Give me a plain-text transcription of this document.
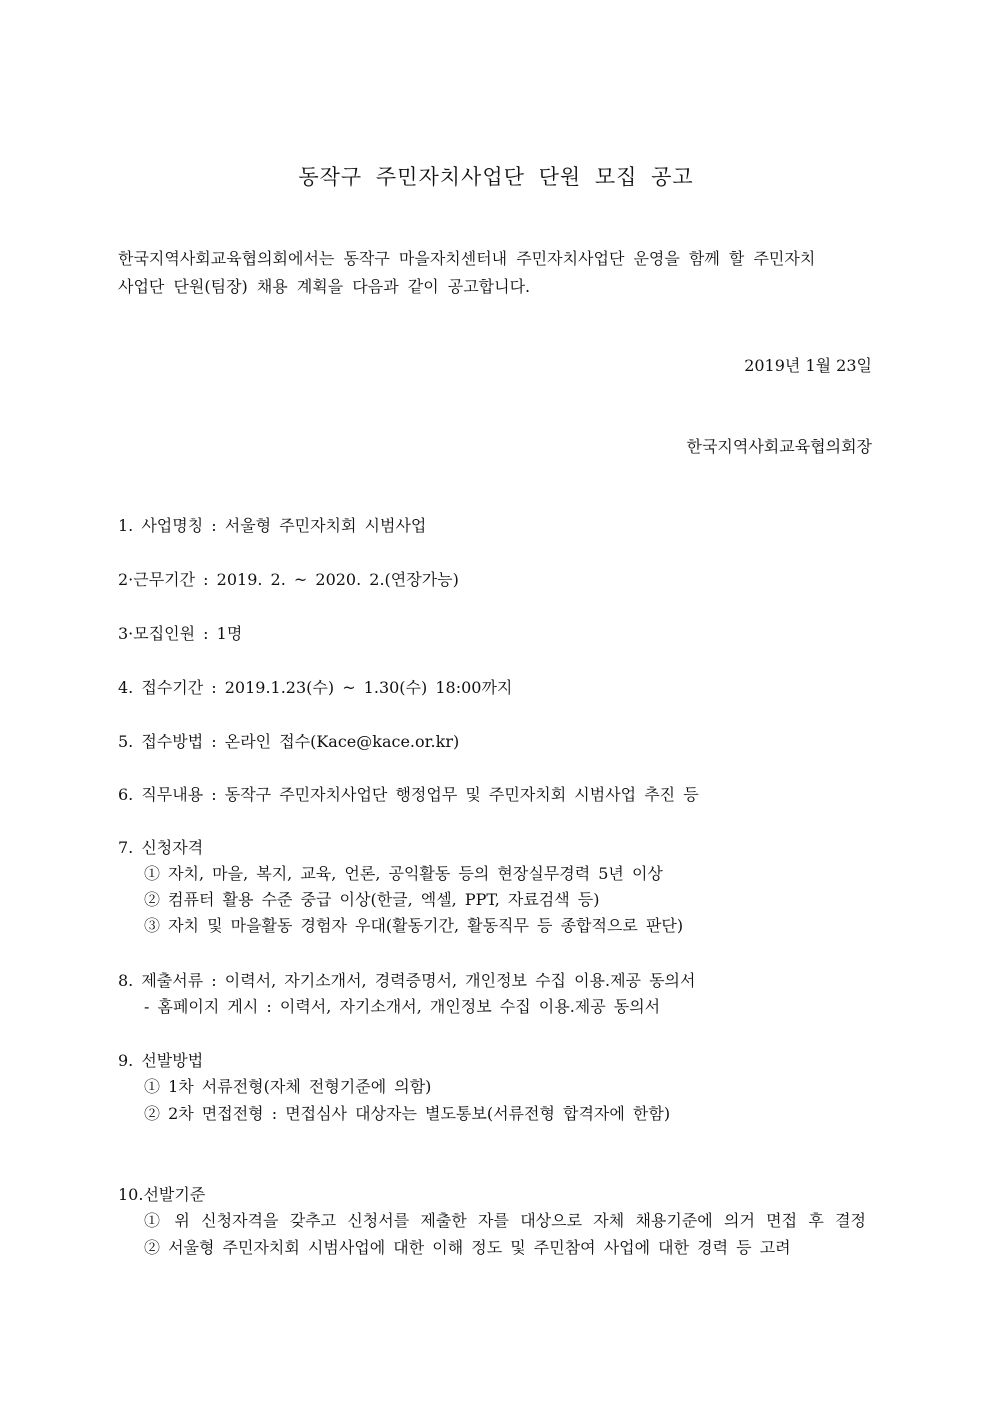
동작구 주민자치사업단 단원 모집 공고

한국지역사회교육협의회에서는 동작구 마을자치센터내 주민자치사업단 운영을 함께 할 주민자치
사업단 단원(팀장) 채용 계획을 다음과 같이 공고합니다.

2019년 1월 23일
한국지역사회교육협의회장
1. 사업명칭 : 서울형 주민자치회 시범사업
2·근무기간 : 2019. 2. ~ 2020. 2.(연장가능)
3·모집인원 : 1명
4. 접수기간 : 2019.1.23(수) ~ 1.30(수) 18:00까지
5. 접수방법 : 온라인 접수(Kace@kace.or.kr)
6. 직무내용 : 동작구 주민자치사업단 행정업무 및 주민자치회 시범사업 추진 등
7. 신청자격
① 자치, 마을, 복지, 교육, 언론, 공익활동 등의 현장실무경력 5년 이상
② 컴퓨터 활용 수준 중급 이상(한글, 엑셀, PPT, 자료검색 등)
③ 자치 및 마을활동 경험자 우대(활동기간, 활동직무 등 종합적으로 판단)
8. 제출서류 : 이력서, 자기소개서, 경력증명서, 개인정보 수집 이용.제공 동의서
- 홈페이지 게시 : 이력서, 자기소개서, 개인정보 수집 이용.제공 동의서
9. 선발방법
① 1차 서류전형(자체 전형기준에 의함)
② 2차 면접전형 : 면접심사 대상자는 별도통보(서류전형 합격자에 한함)
10.선발기준
① 위 신청자격을 갖추고 신청서를 제출한 자를 대상으로 자체 채용기준에 의거 면접 후 결정
② 서울형 주민자치회 시범사업에 대한 이해 정도 및 주민참여 사업에 대한 경력 등 고려
